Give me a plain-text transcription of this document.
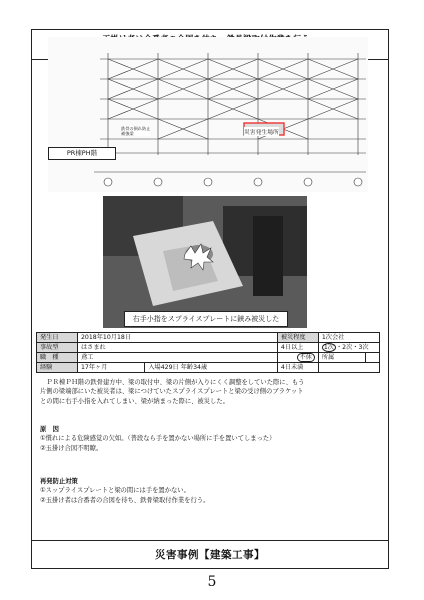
災害事例【建築工事】
PR棟PH階
災害発生場所
鉄骨の倒れ防止
補強梁
右手小指をスプライスプレートに鋏み被災した
発生日	2018年10月18日		被災程度	1次会社	
事故型	はさまれ		4日以上	1次 ・2次・3次	
職　種	鳶工		不休	所属	
経験	17年ヶ月	入場429日 年齢34歳	4日未満		
　ＰＲ棟ＰＨ階の鉄骨建方中、梁の取付中、梁の片側が入りにくく調整をしていた際に、もう
片側の梁端部にいた被災者は、梁につけていたスプライスプレートと梁の受け側のブラケット
との間に右手小指を入れてしまい、梁が納まった際に、被災した。
原　因
①慣れによる危険感覚の欠如。（普段なら手を置かない場所に手を置いてしまった）
②玉掛け合図不明瞭。
再発防止対策
①スップライスプレートと梁の間には手を置かない。
②玉掛け者は合番者の合図を待ち、鉄骨梁取付作業を行う。
5
